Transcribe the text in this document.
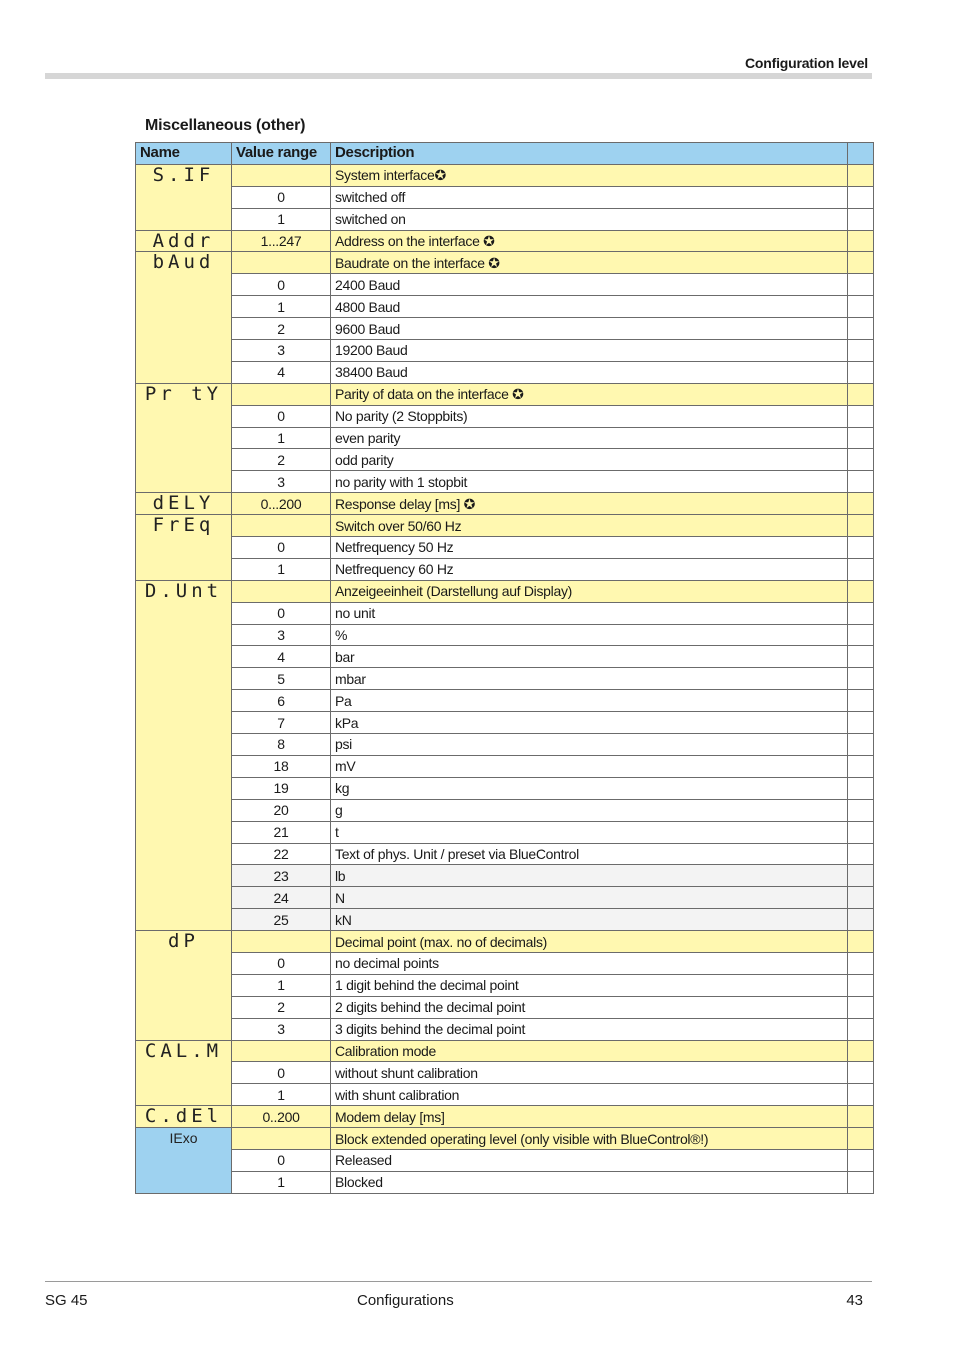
Configuration level
Miscellaneous (other)
Name	Value range	Description	
S.IF		System interface✪	
	0	switched off	
	1	switched on	
Addr	1...247	Address on the interface ✪	
bAud		Baudrate on the interface ✪	
	0	2400 Baud	
	1	4800 Baud	
	2	9600 Baud	
	3	19200 Baud	
	4	38400 Baud	
Pr tY		Parity of data on the interface ✪	
	0	No parity (2 Stoppbits)	
	1	even parity	
	2	odd parity	
	3	no parity with 1 stopbit	
dELY	0...200	Response delay [ms] ✪	
FrEq		Switch over 50/60 Hz	
	0	Netfrequency 50 Hz	
	1	Netfrequency 60 Hz	
D.Unt		Anzeigeeinheit (Darstellung auf Display)	
	0	no unit	
	3	%	
	4	bar	
	5	mbar	
	6	Pa	
	7	kPa	
	8	psi	
	18	mV	
	19	kg	
	20	g	
	21	t	
	22	Text of phys. Unit / preset via BlueControl	
	23	lb	
	24	N	
	25	kN	
dP		Decimal point (max. no of decimals)	
	0	no decimal points	
	1	1 digit behind the decimal point	
	2	2 digits behind the decimal point	
	3	3 digits behind the decimal point	
CAL.M		Calibration mode	
	0	without shunt calibration	
	1	with shunt calibration	
C.dEl	0..200	Modem delay [ms]	
IExo		Block extended operating level (only visible with BlueControl®!)	
	0	Released	
	1	Blocked	
SG 45	Configurations	43
